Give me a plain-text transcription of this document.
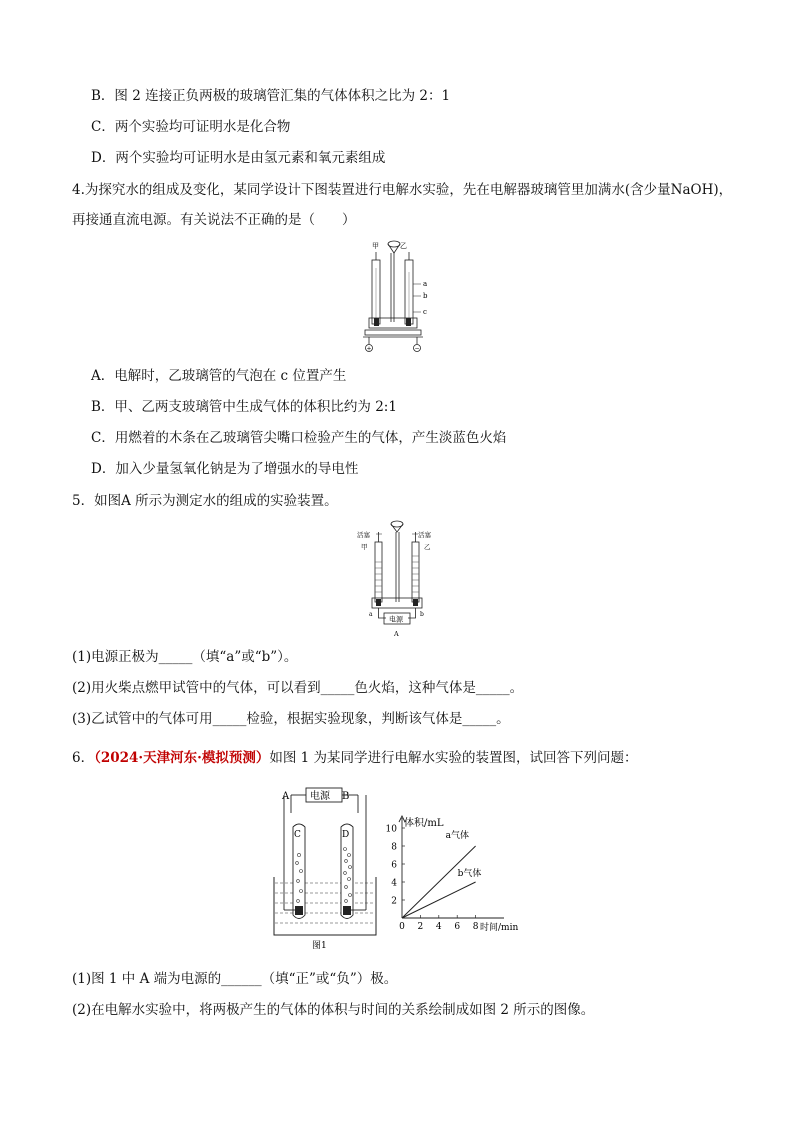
B．图 2 连接正负两极的玻璃管汇集的气体体积之比为 2：1
C．两个实验均可证明水是化合物
D．两个实验均可证明水是由氢元素和氧元素组成
4.为探究水的组成及变化，某同学设计下图装置进行电解水实验，先在电解器玻璃管里加满水(含少量NaOH)，
再接通直流电源。有关说法不正确的是（　　）
甲	乙
+	−
a
b
c
A．电解时，乙玻璃管的气泡在 c 位置产生
B．甲、乙两支玻璃管中生成气体的体积比约为 2:1
C．用燃着的木条在乙玻璃管尖嘴口检验产生的气体，产生淡蓝色火焰
D．加入少量氢氧化钠是为了增强水的导电性
5．如图A 所示为测定水的组成的实验装置。
活塞	活塞
甲	乙
a	b
电源
A
(1)电源正极为_____（填“a”或“b”）。
(2)用火柴点燃甲试管中的气体，可以看到_____色火焰，这种气体是_____。
(3)乙试管中的气体可用_____检验，根据实验现象，判断该气体是_____。
6．（2024·天津河东·模拟预测）如图 1 为某同学进行电解水实验的装置图，试回答下列问题：
A	B
电源
C	D
图1
体积/mL
时间/min
2
4
6
8
10
0 2 4 6 8
a气体
b气体
(1)图 1 中 A 端为电源的______（填“正”或“负”）极。
(2)在电解水实验中，将两极产生的气体的体积与时间的关系绘制成如图 2 所示的图像。
